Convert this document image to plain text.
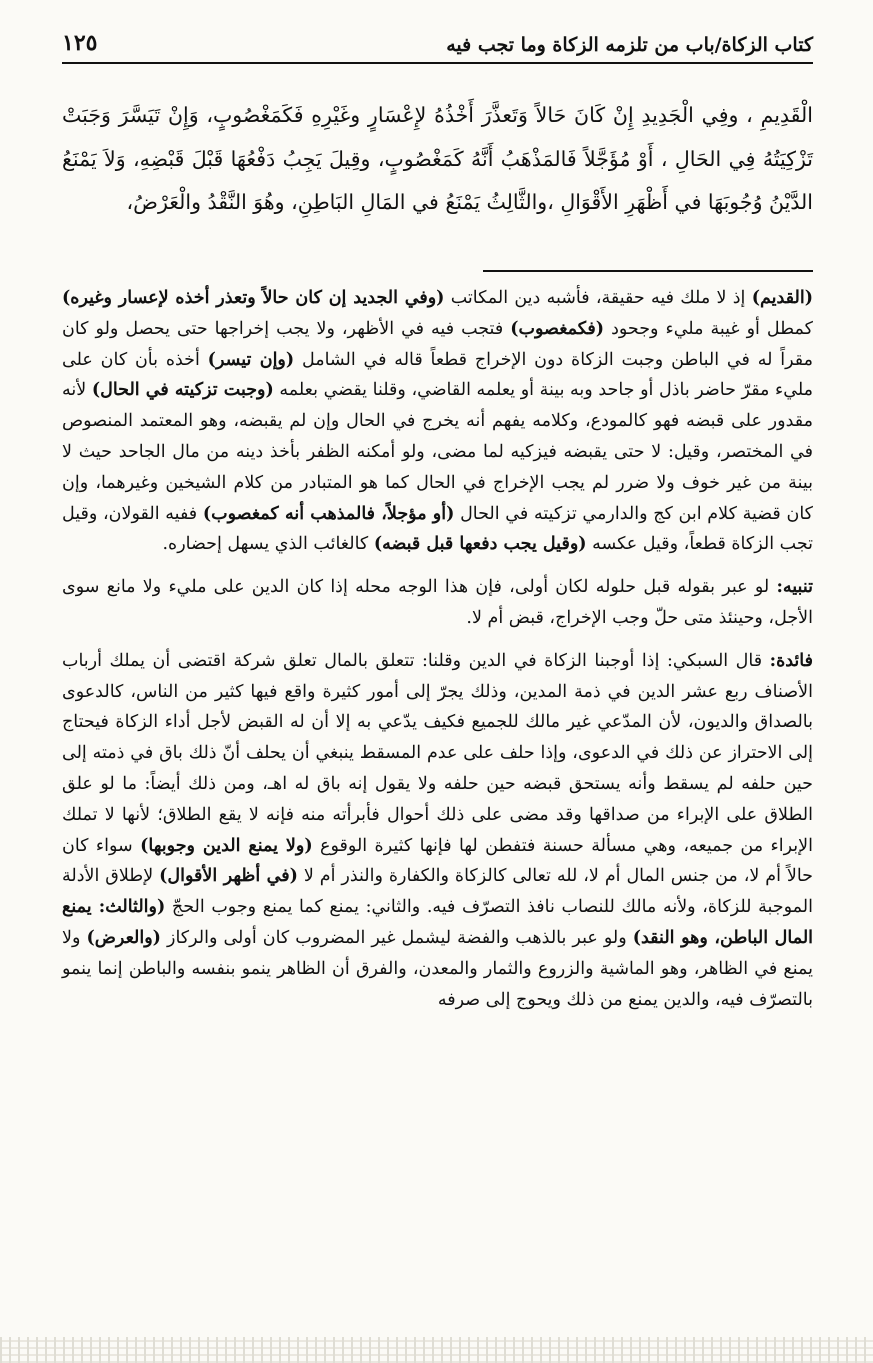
كتاب الزكاة/باب من تلزمه الزكاة وما تجب فيه
١٢٥
الْقَدِيمِ ، وفِي الْجَدِيدِ إِنْ كَانَ حَالاً وَتَعذَّرَ أَخْذُهُ لإِعْسَارٍ وغَيْرِهِ فَكَمَغْصُوبٍ، وَإِنْ تَيَسَّرَ وَجَبَتْ تَزْكِيَتُهُ فِي الحَالِ ، أَوْ مُؤَجَّلاً فَالمَذْهَبُ أَنَّهُ كَمَغْصُوبٍ، وقِيلَ يَجِبُ دَفْعُهَا قَبْلَ قَبْضِهِ، وَلاَ يَمْنَعُ الدَّيْنُ وُجُوبَهَا في أَظْهَرِ الأَقْوَالِ ،والثَّالِثُ يَمْنَعُ في المَالِ البَاطِنِ، وهُوَ النَّقْدُ والْعَرْضُ،

(القديم) إذ لا ملك فيه حقيقة، فأشبه دين المكاتب (وفي الجديد إن كان حالاً وتعذر أخذه لإعسار وغيره) كمطل أو غيبة مليء وجحود (فكمغصوب) فتجب فيه في الأظهر، ولا يجب إخراجها حتى يحصل ولو كان مقراً له في الباطن وجبت الزكاة دون الإخراج قطعاً قاله في الشامل (وإن تيسر) أخذه بأن كان على مليء مقرّ حاضر باذل أو جاحد وبه بينة أو يعلمه القاضي، وقلنا يقضي بعلمه (وجبت تزكيته في الحال) لأنه مقدور على قبضه فهو كالمودع، وكلامه يفهم أنه يخرج في الحال وإن لم يقبضه، وهو المعتمد المنصوص في المختصر، وقيل: لا حتى يقبضه فيزكيه لما مضى، ولو أمكنه الظفر بأخذ دينه من مال الجاحد حيث لا بينة من غير خوف ولا ضرر لم يجب الإخراج في الحال كما هو المتبادر من كلام الشيخين وغيرهما، وإن كان قضية كلام ابن كج والدارمي تزكيته في الحال (أو مؤجلاً، فالمذهب أنه كمغصوب) ففيه القولان، وقيل تجب الزكاة قطعاً، وقيل عكسه (وقيل يجب دفعها قبل قبضه) كالغائب الذي يسهل إحضاره.

تنبيه: لو عبر بقوله قبل حلوله لكان أولى، فإن هذا الوجه محله إذا كان الدين على مليء ولا مانع سوى الأجل، وحينئذ متى حلّ وجب الإخراج، قبض أم لا.

فائدة: قال السبكي: إذا أوجبنا الزكاة في الدين وقلنا: تتعلق بالمال تعلق شركة اقتضى أن يملك أرباب الأصناف ربع عشر الدين في ذمة المدين، وذلك يجرّ إلى أمور كثيرة واقع فيها كثير من الناس، كالدعوى بالصداق والديون، لأن المدّعي غير مالك للجميع فكيف يدّعي به إلا أن له القبض لأجل أداء الزكاة فيحتاج إلى الاحتراز عن ذلك في الدعوى، وإذا حلف على عدم المسقط ينبغي أن يحلف أنّ ذلك باق في ذمته إلى حين حلفه لم يسقط وأنه يستحق قبضه حين حلفه ولا يقول إنه باق له اهـ، ومن ذلك أيضاً: ما لو علق الطلاق على الإبراء من صداقها وقد مضى على ذلك أحوال فأبرأته منه فإنه لا يقع الطلاق؛ لأنها لا تملك الإبراء من جميعه، وهي مسألة حسنة فتفطن لها فإنها كثيرة الوقوع (ولا يمنع الدين وجوبها) سواء كان حالاً أم لا، من جنس المال أم لا، لله تعالى كالزكاة والكفارة والنذر أم لا (في أظهر الأقوال) لإطلاق الأدلة الموجبة للزكاة، ولأنه مالك للنصاب نافذ التصرّف فيه. والثاني: يمنع كما يمنع وجوب الحجّ (والثالث: يمنع المال الباطن، وهو النقد) ولو عبر بالذهب والفضة ليشمل غير المضروب كان أولى والركاز (والعرض) ولا يمنع في الظاهر، وهو الماشية والزروع والثمار والمعدن، والفرق أن الظاهر ينمو بنفسه والباطن إنما ينمو بالتصرّف فيه، والدين يمنع من ذلك ويحوج إلى صرفه
